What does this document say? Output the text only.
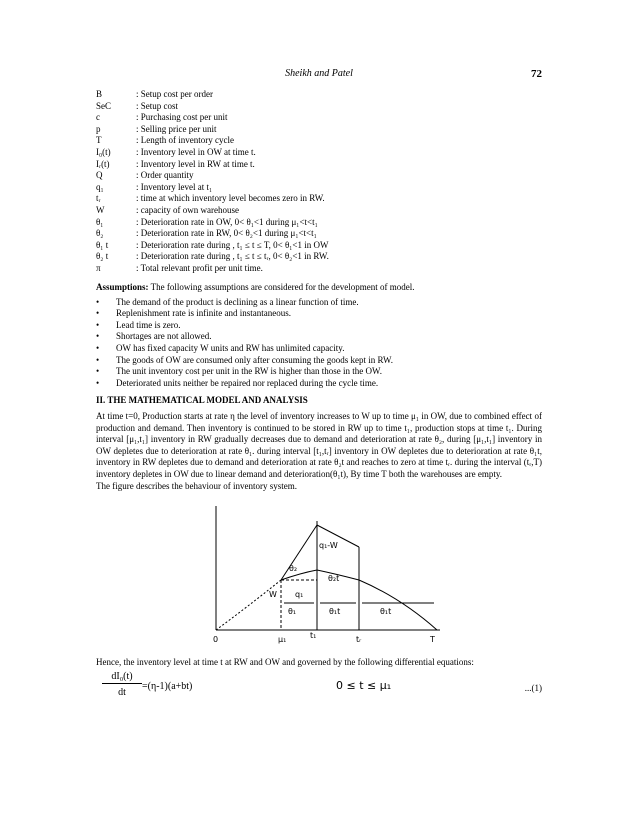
Sheikh and Patel	72
B	: Setup cost per order
SeC	: Setup cost
c	: Purchasing cost per unit
p	: Selling price per unit
T	: Length of inventory cycle
I₀(t)	: Inventory level in OW at time t.
Iᵣ(t)	: Inventory level in RW at time t.
Q	: Order quantity
q₁	: Inventory level at t₁
tᵣ	: time at which inventory level becomes zero in RW.
W	: capacity of own warehouse
θ₁	: Deterioration rate in OW, 0< θ₁<1 during μ₁<t<t₁
θ₂	: Deterioration rate in RW, 0< θ₂<1 during μ₁<t<t₁
θ₁ t	: Deterioration rate during , t₁ ≤ t ≤ T, 0< θ₁<1 in OW
θ₂ t	: Deterioration rate during , t₁ ≤ t ≤ tᵣ, 0< θ₂<1 in RW.
π	: Total relevant profit per unit time.

Assumptions: The following assumptions are considered for the development of model.

•	The demand of the product is declining as a linear function of time.
•	Replenishment rate is infinite and instantaneous.
•	Lead time is zero.
•	Shortages are not allowed.
•	OW has fixed capacity W units and RW has unlimited capacity.
•	The goods of OW are consumed only after consuming the goods kept in RW.
•	The unit inventory cost per unit in the RW is higher than those in the OW.
•	Deteriorated units neither be repaired nor replaced during the cycle time.
II. THE MATHEMATICAL MODEL AND ANALYSIS

At time t=0, Production starts at rate η the level of inventory increases to W up to time μ₁ in OW, due to combined effect of production and demand. Then inventory is continued to be stored in RW up to time t₁, production stops at time t₁. During interval [μ₁,t₁] inventory in RW gradually decreases due to demand and deterioration at rate θ₂, during [μ₁,t₁] inventory in OW depletes due to deterioration at rate θ₁. during interval [t₁,tᵣ] inventory in OW depletes due to deterioration at rate θ₁t, inventory in RW depletes due to demand and deterioration at rate θ₂t and reaches to zero at time tᵣ. during the interval (tᵣ,T) inventory depletes in OW due to linear demand and deterioration(θ₁t), By time T both the warehouses are empty.

The figure describes the behaviour of inventory system.

q₁-W
θ₂
θ₂t
W q₁
θ₁	θ₁t	θ₁t
0	μ₁	t₁	tᵣ	T
Hence, the inventory level at time t at RW and OW and governed by the following differential equations:
$\frac{\text{dI₀(t)}}{dt} =(\eta-1)(a+bt)$	0 ≤ t ≤ μ₁	...(1)
